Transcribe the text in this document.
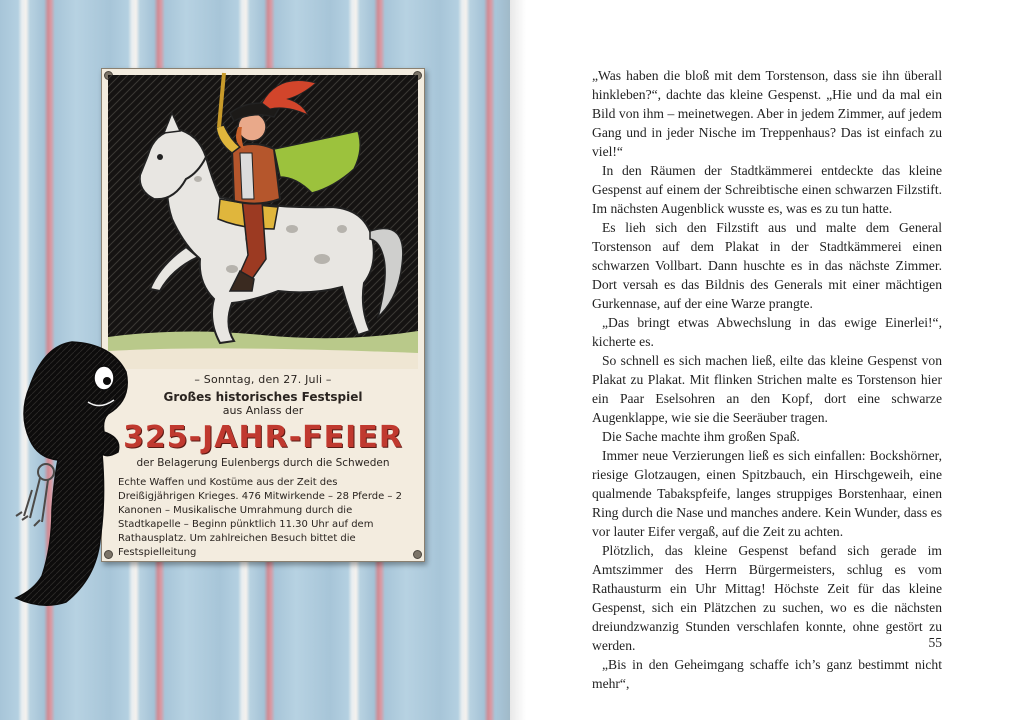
– Sonntag, den 27. Juli –
Großes historisches Festspiel
aus Anlass der
325-JAHR-FEIER
der Belagerung Eulenbergs durch die Schweden
Echte Waffen und Kostüme aus der Zeit des Dreißigjährigen Krieges. 476 Mitwirkende – 28 Pferde – 2 Kanonen – Musikalische Umrahmung durch die Stadtkapelle – Beginn pünktlich 11.30 Uhr auf dem Rathausplatz. Um zahlreichen Besuch bittet die Festspielleitung

„Was haben die bloß mit dem Torstenson, dass sie ihn überall hinkleben?“, dachte das kleine Gespenst. „Hie und da mal ein Bild von ihm – meinetwegen. Aber in jedem Zimmer, auf jedem Gang und in jeder Nische im Treppenhaus? Das ist einfach zu viel!“

In den Räumen der Stadtkämmerei entdeckte das kleine Gespenst auf einem der Schreibtische einen schwarzen Filzstift. Im nächsten Augenblick wusste es, was es zu tun hatte.

Es lieh sich den Filzstift aus und malte dem General Torstenson auf dem Plakat in der Stadtkämmerei einen schwarzen Vollbart. Dann huschte es in das nächste Zimmer. Dort versah es das Bildnis des Generals mit einer mächtigen Gurkennase, auf der eine Warze prangte.

„Das bringt etwas Abwechslung in das ewige Einerlei!“, kicherte es.

So schnell es sich machen ließ, eilte das kleine Gespenst von Plakat zu Plakat. Mit flinken Strichen malte es Torstenson hier ein Paar Eselsohren an den Kopf, dort eine schwarze Augenklappe, wie sie die Seeräuber tragen.

Die Sache machte ihm großen Spaß.

Immer neue Verzierungen ließ es sich einfallen: Bockshörner, riesige Glotzaugen, einen Spitzbauch, ein Hirschgeweih, eine qualmende Tabakspfeife, langes struppiges Borstenhaar, einen Ring durch die Nase und manches andere. Kein Wunder, dass es vor lauter Eifer vergaß, auf die Zeit zu achten.

Plötzlich, das kleine Gespenst befand sich gerade im Amtszimmer des Herrn Bürgermeisters, schlug es vom Rathausturm ein Uhr Mittag! Höchste Zeit für das kleine Gespenst, sich ein Plätzchen zu suchen, wo es die nächsten dreiundzwanzig Stunden verschlafen konnte, ohne gestört zu werden.

„Bis in den Geheimgang schaffe ich’s ganz bestimmt nicht mehr“,

55
